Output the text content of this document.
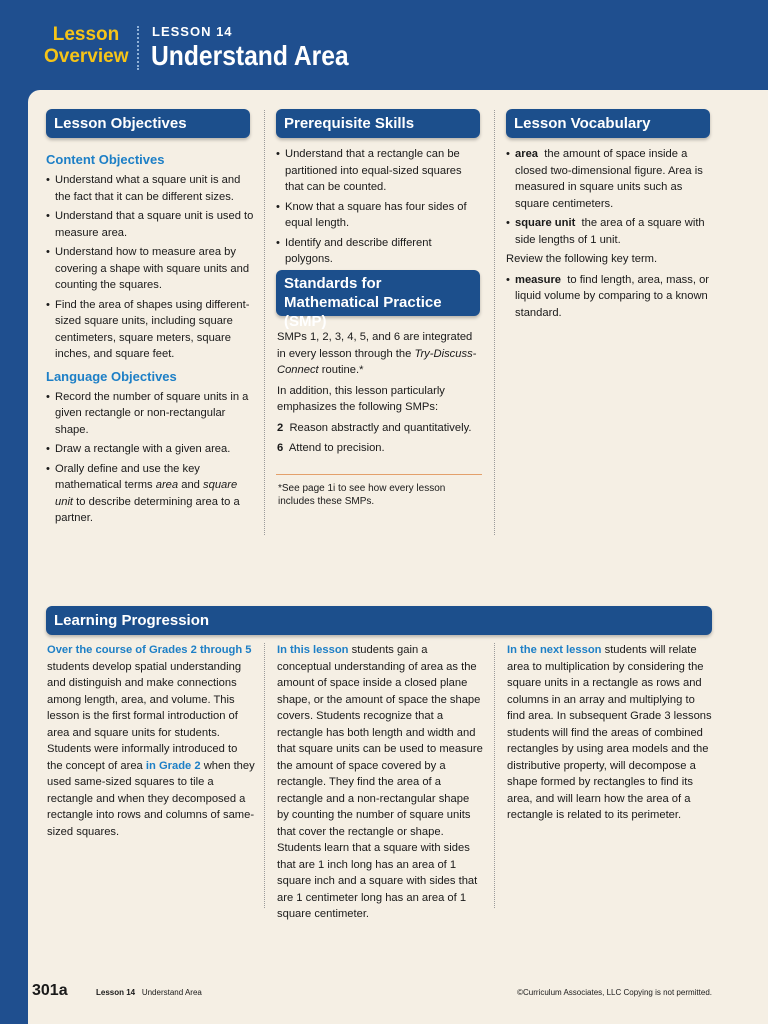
Lesson
Overview
LESSON 14
Understand Area
Lesson Objectives	Prerequisite Skills	Lesson Vocabulary
Standards for Mathematical Practice (SMP)
Content Objectives
• Understand what a square unit is and the fact that it can be different sizes.
• Understand that a square unit is used to measure area.
• Understand how to measure area by covering a shape with square units and counting the squares.
• Find the area of shapes using different-sized square units, including square centimeters, square meters, square inches, and square feet.
Language Objectives
• Record the number of square units in a given rectangle or non-rectangular shape.
• Draw a rectangle with a given area.
• Orally define and use the key mathematical terms area and square unit to describe determining area to a partner.
• Understand that a rectangle can be partitioned into equal-sized squares that can be counted.
• Know that a square has four sides of equal length.
• Identify and describe different polygons.

SMPs 1, 2, 3, 4, 5, and 6 are integrated in every lesson through the Try-Discuss-Connect routine.*

In addition, this lesson particularly emphasizes the following SMPs:

2 Reason abstractly and quantitatively.

6 Attend to precision.

*See page 1i to see how every lesson includes these SMPs.
• area the amount of space inside a closed two-dimensional figure. Area is measured in square units such as square centimeters.
• square unit the area of a square with side lengths of 1 unit.

Review the following key term.

• measure to find length, area, mass, or liquid volume by comparing to a known standard.
Learning Progression
Over the course of Grades 2 through 5 students develop spatial understanding and distinguish and make connections among length, area, and volume. This lesson is the first formal introduction of area and square units for students. Students were informally introduced to the concept of area in Grade 2 when they used same-sized squares to tile a rectangle and when they decomposed a rectangle into rows and columns of same-sized squares.
In this lesson students gain a conceptual understanding of area as the amount of space inside a closed plane shape, or the amount of space the shape covers. Students recognize that a rectangle has both length and width and that square units can be used to measure the amount of space covered by a rectangle. They find the area of a rectangle and a non-rectangular shape by counting the number of square units that cover the rectangle or shape. Students learn that a square with sides that are 1 inch long has an area of 1 square inch and a square with sides that are 1 centimeter long has an area of 1 square centimeter.
In the next lesson students will relate area to multiplication by considering the square units in a rectangle as rows and columns in an array and multiplying to find area. In subsequent Grade 3 lessons students will find the areas of combined rectangles by using area models and the distributive property, will decompose a shape formed by rectangles to find its area, and will learn how the area of a rectangle is related to its perimeter.
301a	Lesson 14 Understand Area	©Curriculum Associates, LLC Copying is not permitted.
